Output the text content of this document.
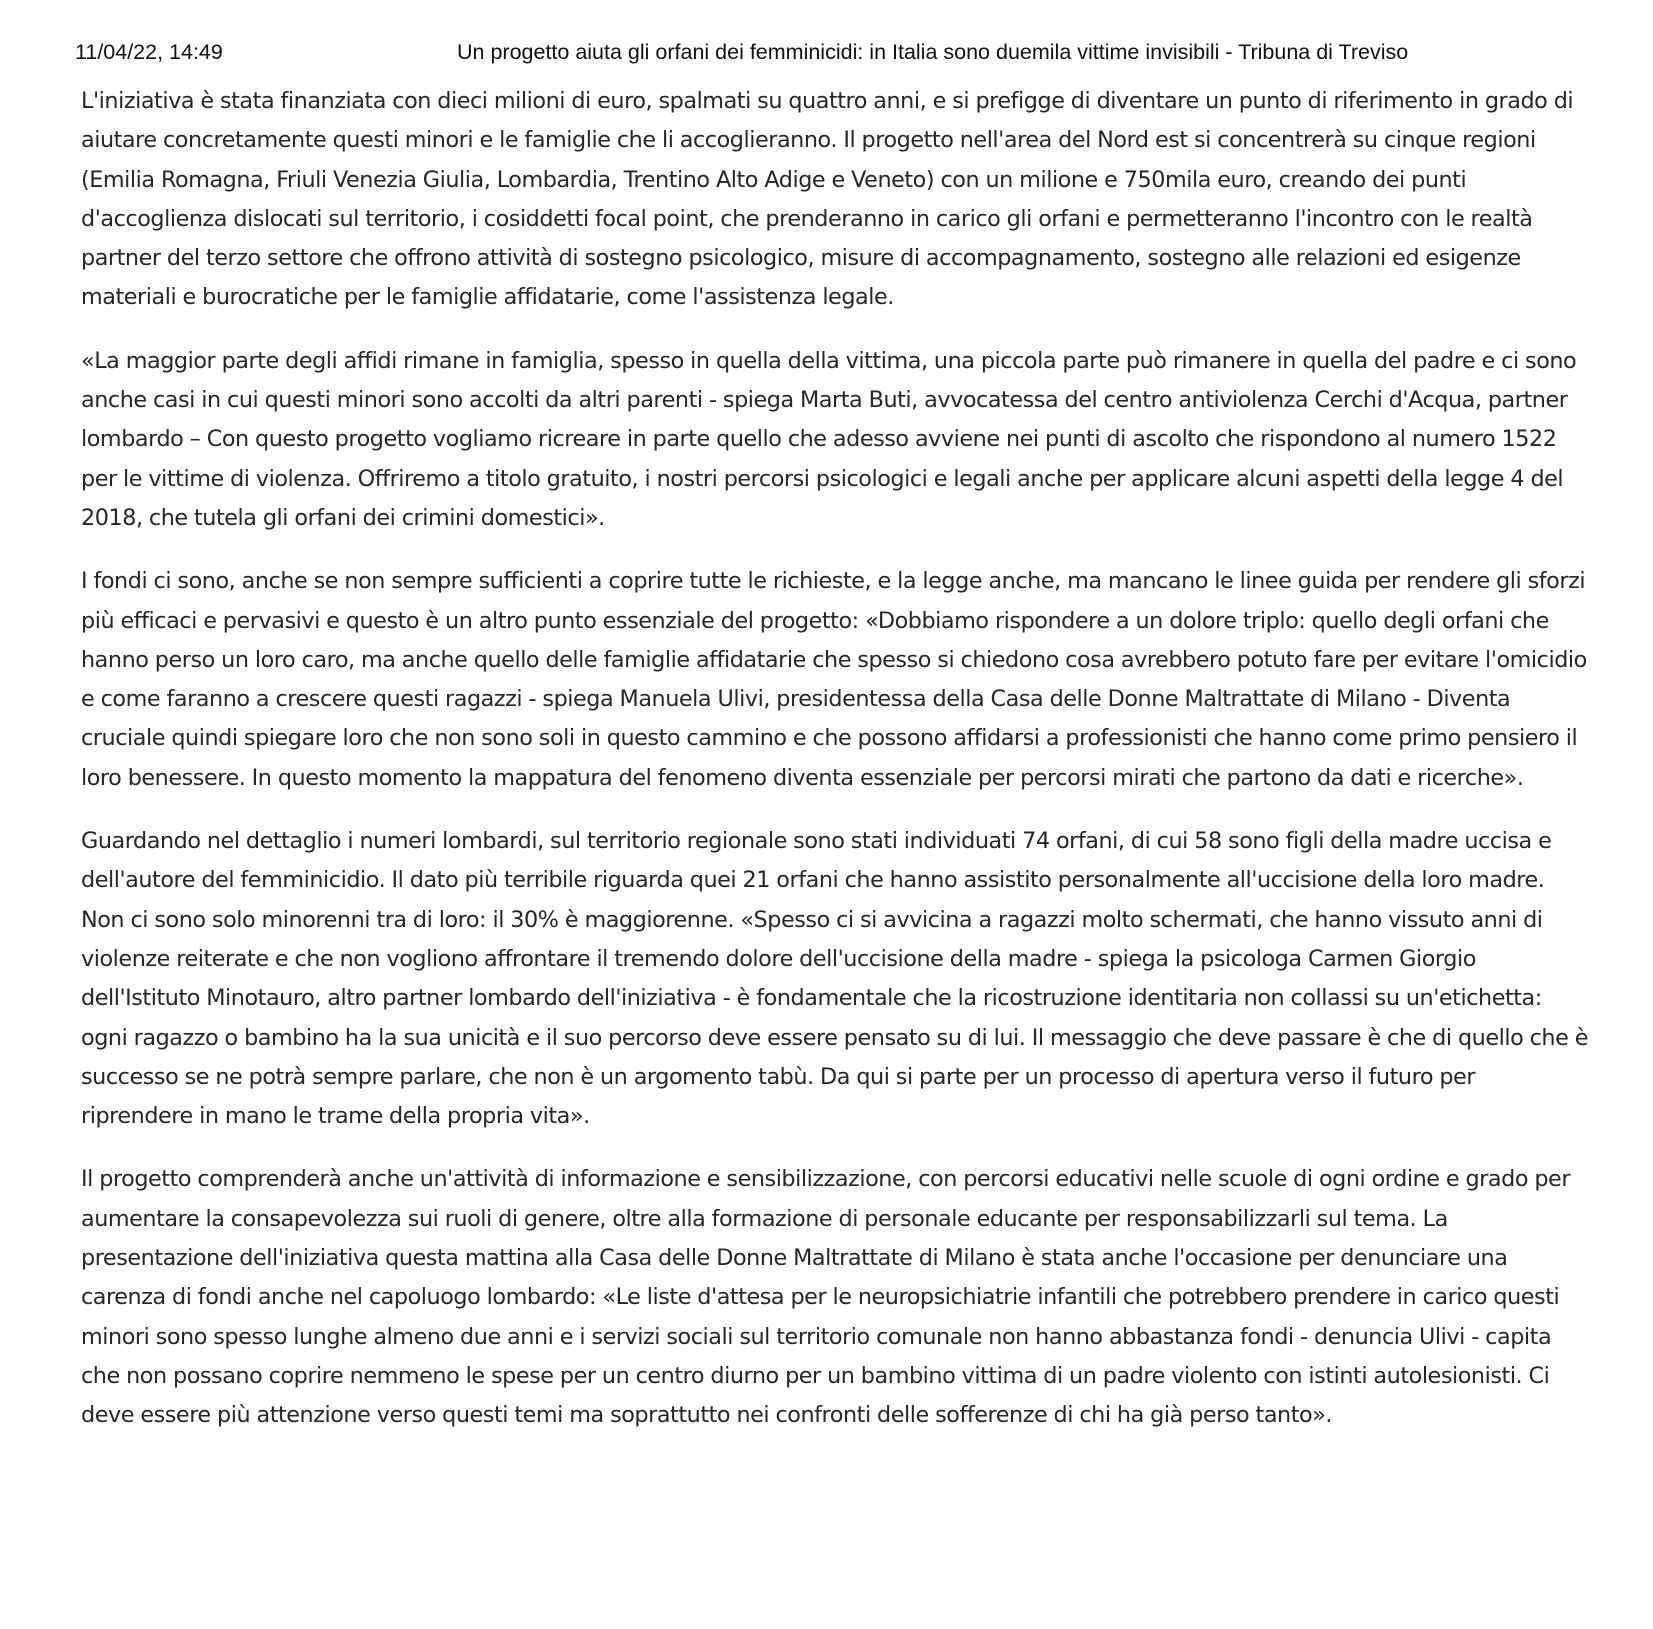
11/04/22, 14:49	Un progetto aiuta gli orfani dei femminicidi: in Italia sono duemila vittime invisibili - Tribuna di Treviso

L'iniziativa è stata finanziata con dieci milioni di euro, spalmati su quattro anni, e si prefigge di diventare un punto di riferimento in grado di aiutare concretamente questi minori e le famiglie che li accoglieranno. Il progetto nell'area del Nord est si concentrerà su cinque regioni (Emilia Romagna, Friuli Venezia Giulia, Lombardia, Trentino Alto Adige e Veneto) con un milione e 750mila euro, creando dei punti d'accoglienza dislocati sul territorio, i cosiddetti focal point, che prenderanno in carico gli orfani e permetteranno l'incontro con le realtà partner del terzo settore che offrono attività di sostegno psicologico, misure di accompagnamento, sostegno alle relazioni ed esigenze materiali e burocratiche per le famiglie affidatarie, come l'assistenza legale.

«La maggior parte degli affidi rimane in famiglia, spesso in quella della vittima, una piccola parte può rimanere in quella del padre e ci sono anche casi in cui questi minori sono accolti da altri parenti - spiega Marta Buti, avvocatessa del centro antiviolenza Cerchi d'Acqua, partner lombardo – Con questo progetto vogliamo ricreare in parte quello che adesso avviene nei punti di ascolto che rispondono al numero 1522 per le vittime di violenza. Offriremo a titolo gratuito, i nostri percorsi psicologici e legali anche per applicare alcuni aspetti della legge 4 del 2018, che tutela gli orfani dei crimini domestici».

I fondi ci sono, anche se non sempre sufficienti a coprire tutte le richieste, e la legge anche, ma mancano le linee guida per rendere gli sforzi più efficaci e pervasivi e questo è un altro punto essenziale del progetto: «Dobbiamo rispondere a un dolore triplo: quello degli orfani che hanno perso un loro caro, ma anche quello delle famiglie affidatarie che spesso si chiedono cosa avrebbero potuto fare per evitare l'omicidio e come faranno a crescere questi ragazzi - spiega Manuela Ulivi, presidentessa della Casa delle Donne Maltrattate di Milano - Diventa cruciale quindi spiegare loro che non sono soli in questo cammino e che possono affidarsi a professionisti che hanno come primo pensiero il loro benessere. In questo momento la mappatura del fenomeno diventa essenziale per percorsi mirati che partono da dati e ricerche».

Guardando nel dettaglio i numeri lombardi, sul territorio regionale sono stati individuati 74 orfani, di cui 58 sono figli della madre uccisa e dell'autore del femminicidio. Il dato più terribile riguarda quei 21 orfani che hanno assistito personalmente all'uccisione della loro madre. Non ci sono solo minorenni tra di loro: il 30% è maggiorenne. «Spesso ci si avvicina a ragazzi molto schermati, che hanno vissuto anni di violenze reiterate e che non vogliono affrontare il tremendo dolore dell'uccisione della madre - spiega la psicologa Carmen Giorgio dell'Istituto Minotauro, altro partner lombardo dell'iniziativa - è fondamentale che la ricostruzione identitaria non collassi su un'etichetta: ogni ragazzo o bambino ha la sua unicità e il suo percorso deve essere pensato su di lui. Il messaggio che deve passare è che di quello che è successo se ne potrà sempre parlare, che non è un argomento tabù. Da qui si parte per un processo di apertura verso il futuro per riprendere in mano le trame della propria vita».

Il progetto comprenderà anche un'attività di informazione e sensibilizzazione, con percorsi educativi nelle scuole di ogni ordine e grado per aumentare la consapevolezza sui ruoli di genere, oltre alla formazione di personale educante per responsabilizzarli sul tema. La presentazione dell'iniziativa questa mattina alla Casa delle Donne Maltrattate di Milano è stata anche l'occasione per denunciare una carenza di fondi anche nel capoluogo lombardo: «Le liste d'attesa per le neuropsichiatrie infantili che potrebbero prendere in carico questi minori sono spesso lunghe almeno due anni e i servizi sociali sul territorio comunale non hanno abbastanza fondi - denuncia Ulivi - capita che non possano coprire nemmeno le spese per un centro diurno per un bambino vittima di un padre violento con istinti autolesionisti. Ci deve essere più attenzione verso questi temi ma soprattutto nei confronti delle sofferenze di chi ha già perso tanto».
